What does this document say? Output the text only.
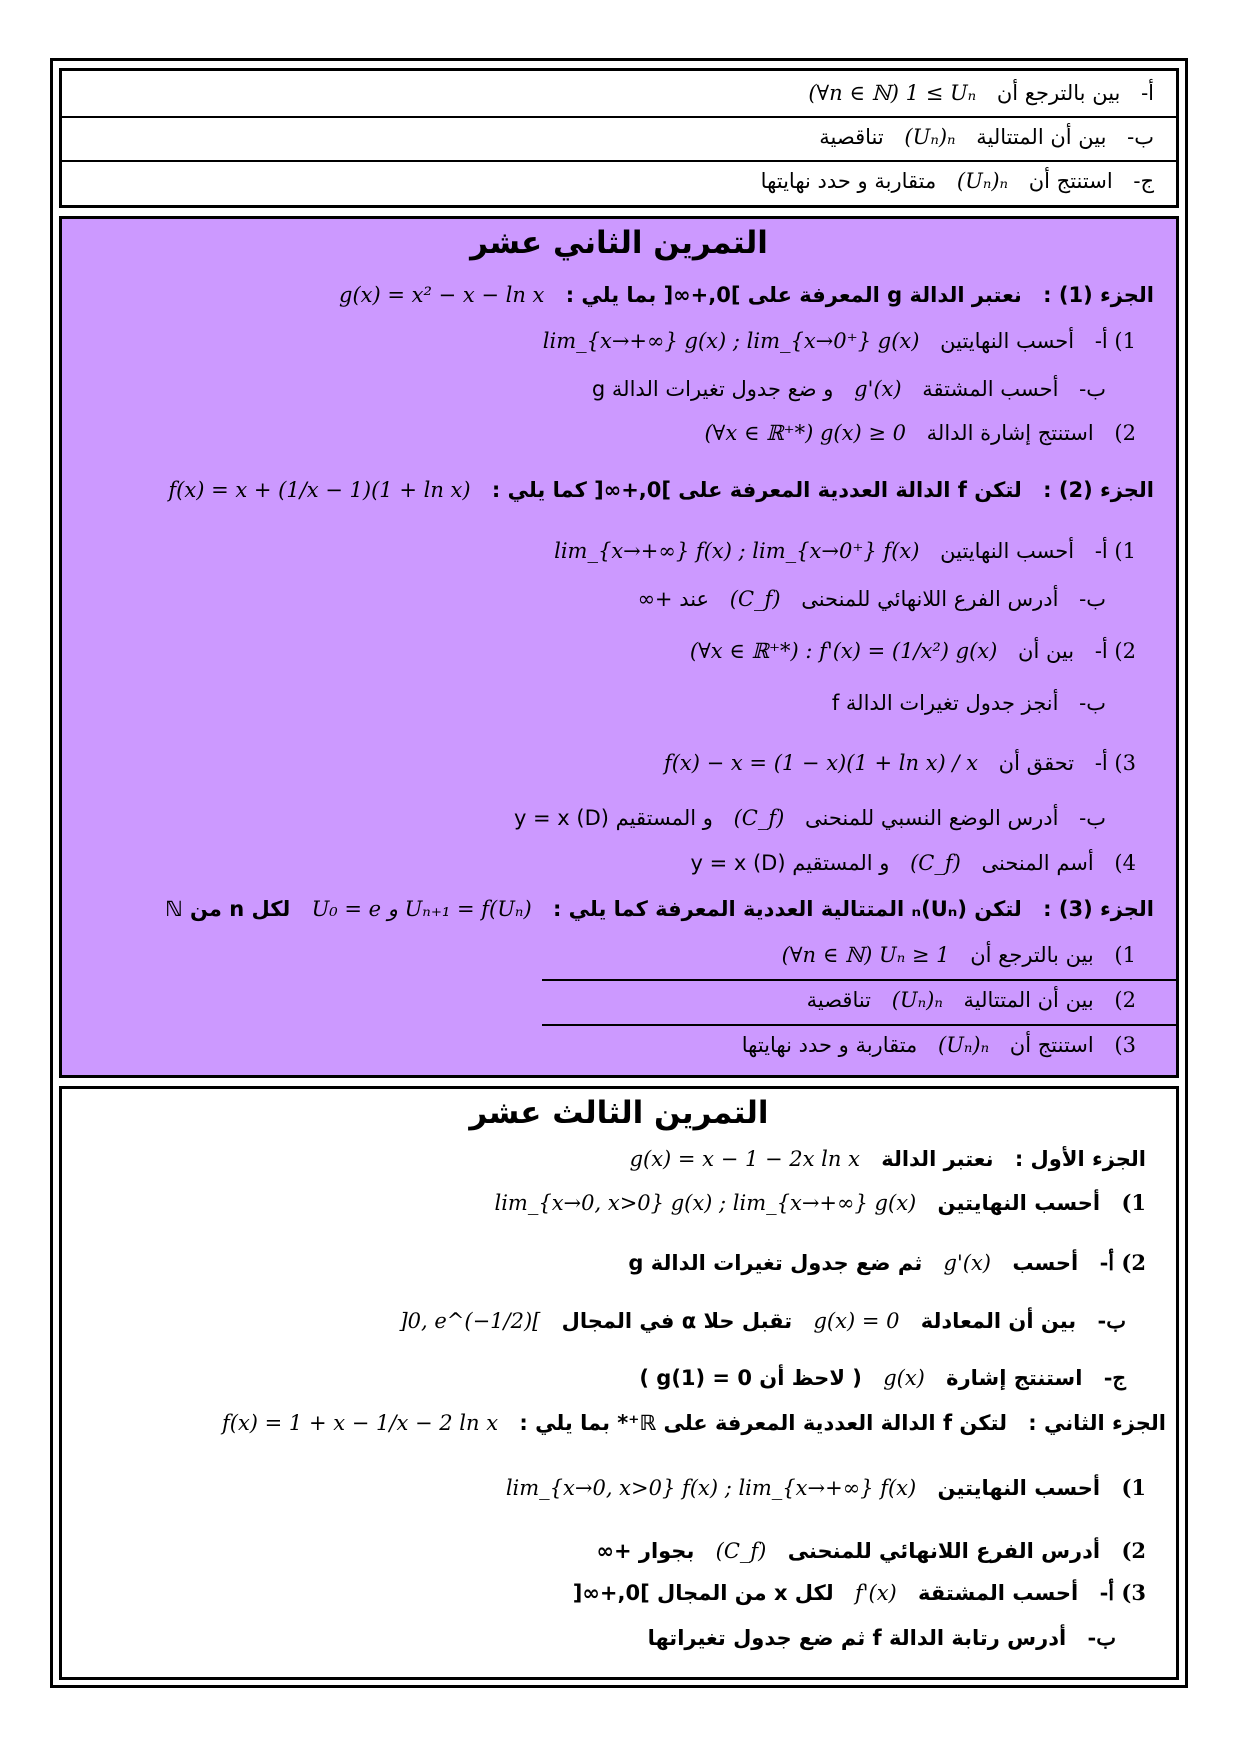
أ- بين بالترجع أن (∀n ∈ ℕ) 1 ≤ Uₙ
ب- بين أن المتتالية (Uₙ)ₙ تناقصية
ج- استنتج أن (Uₙ)ₙ متقاربة و حدد نهايتها
التمرين الثاني عشر
الجزء (1) : نعتبر الدالة g المعرفة على ]0,+∞[ بما يلي : g(x) = x² − x − ln x
1) أ- أحسب النهايتين lim_{x→+∞} g(x) ; lim_{x→0⁺} g(x)
ب- أحسب المشتقة g'(x) و ضع جدول تغيرات الدالة g
2) استنتج إشارة الدالة (∀x ∈ ℝ⁺*) g(x) ≥ 0
الجزء (2) : لتكن f الدالة العددية المعرفة على ]0,+∞[ كما يلي : f(x) = x + (1/x − 1)(1 + ln x)
1) أ- أحسب النهايتين lim_{x→+∞} f(x) ; lim_{x→0⁺} f(x)
ب- أدرس الفرع اللانهائي للمنحنى (C_f) عند +∞
2) أ- بين أن (∀x ∈ ℝ⁺*) : f'(x) = (1/x²) g(x)
ب- أنجز جدول تغيرات الدالة f
3) أ- تحقق أن f(x) − x = (1 − x)(1 + ln x) / x
ب- أدرس الوضع النسبي للمنحنى (C_f) و المستقيم (D) y = x
4) أسم المنحنى (C_f) و المستقيم (D) y = x
الجزء (3) : لتكن (Uₙ)ₙ المتتالية العددية المعرفة كما يلي : U₀ = e و Uₙ₊₁ = f(Uₙ) لكل n من ℕ
1) بين بالترجع أن (∀n ∈ ℕ) Uₙ ≥ 1
2) بين أن المتتالية (Uₙ)ₙ تناقصية
3) استنتج أن (Uₙ)ₙ متقاربة و حدد نهايتها
التمرين الثالث عشر
الجزء الأول : نعتبر الدالة g(x) = x − 1 − 2x ln x
1) أحسب النهايتين lim_{x→0, x>0} g(x) ; lim_{x→+∞} g(x)
2) أ- أحسب g'(x) ثم ضع جدول تغيرات الدالة g
ب- بين أن المعادلة g(x) = 0 تقبل حلا α في المجال ]0, e^(−1/2)[
ج- استنتج إشارة g(x) ( لاحظ أن g(1) = 0 )
الجزء الثاني : لتكن f الدالة العددية المعرفة على ℝ⁺* بما يلي : f(x) = 1 + x − 1/x − 2 ln x
1) أحسب النهايتين lim_{x→0, x>0} f(x) ; lim_{x→+∞} f(x)
2) أدرس الفرع اللانهائي للمنحنى (C_f) بجوار +∞
3) أ- أحسب المشتقة f'(x) لكل x من المجال ]0,+∞[
ب- أدرس رتابة الدالة f ثم ضع جدول تغيراتها
